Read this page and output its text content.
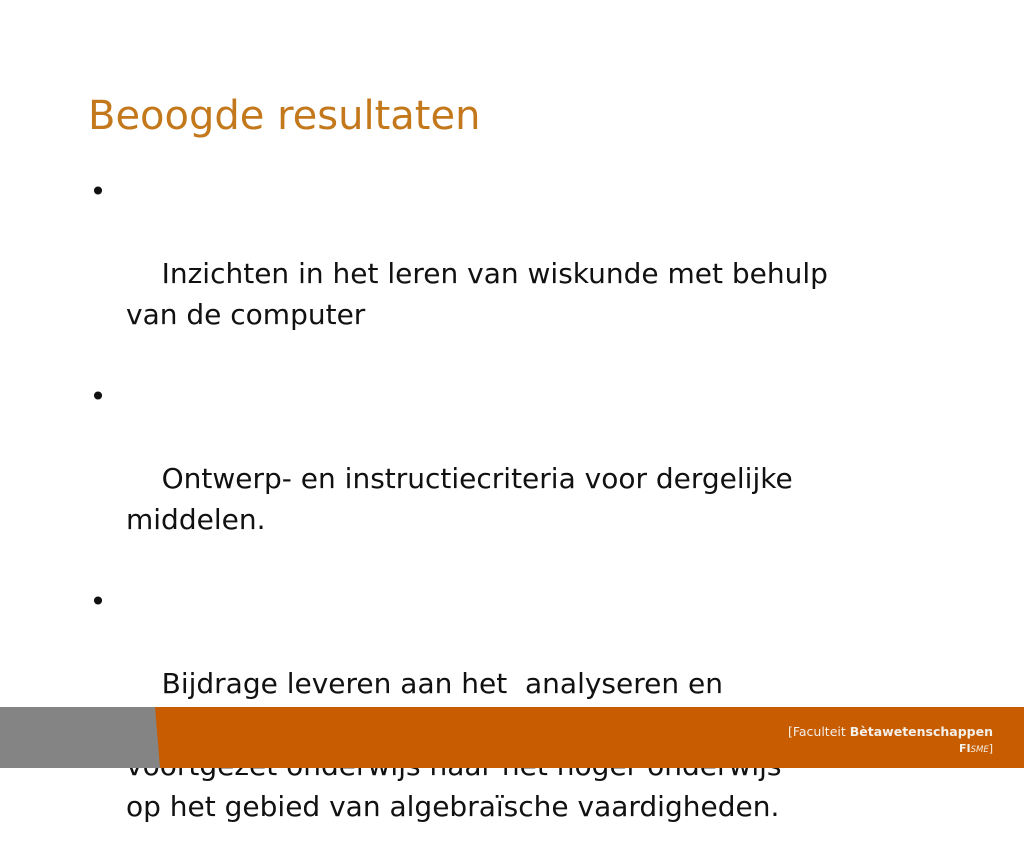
Beoogde resultaten

•

Inzichten in het leren van wiskunde met behulp
van de computer

•

Ontwerp- en instructiecriteria voor dergelijke
middelen.

•

Bijdrage leveren aan het  analyseren en

op het gebied van algebraïsche vaardigheden.

[Faculteit Bètawetenschappen
FISME]
